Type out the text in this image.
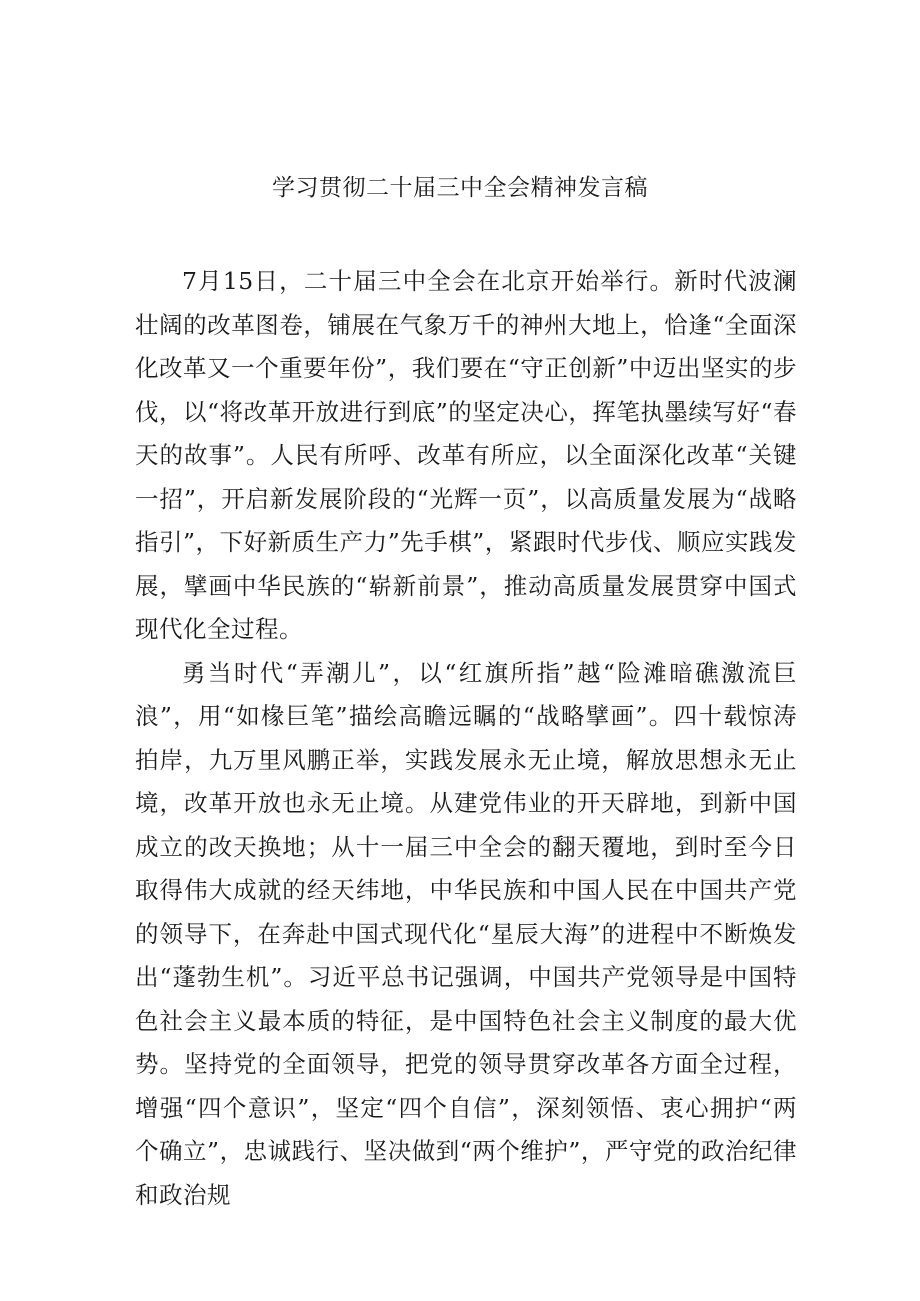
学习贯彻二十届三中全会精神发言稿

7月15日，二十届三中全会在北京开始举行。新时代波澜壮阔的改革图卷，铺展在气象万千的神州大地上，恰逢“全面深化改革又一个重要年份”，我们要在“守正创新”中迈出坚实的步伐，以“将改革开放进行到底”的坚定决心，挥笔执墨续写好“春天的故事”。人民有所呼、改革有所应，以全面深化改革“关键一招”，开启新发展阶段的“光辉一页”，以高质量发展为“战略指引”，下好新质生产力”先手棋”，紧跟时代步伐、顺应实践发展，擘画中华民族的“崭新前景”，推动高质量发展贯穿中国式现代化全过程。

勇当时代“弄潮儿”，以“红旗所指”越“险滩暗礁激流巨浪”，用“如椽巨笔”描绘高瞻远瞩的“战略擘画”。四十载惊涛拍岸，九万里风鹏正举，实践发展永无止境，解放思想永无止境，改革开放也永无止境。从建党伟业的开天辟地，到新中国成立的改天换地；从十一届三中全会的翻天覆地，到时至今日取得伟大成就的经天纬地，中华民族和中国人民在中国共产党的领导下，在奔赴中国式现代化“星辰大海”的进程中不断焕发出“蓬勃生机”。习近平总书记强调，中国共产党领导是中国特色社会主义最本质的特征，是中国特色社会主义制度的最大优势。坚持党的全面领导，把党的领导贯穿改革各方面全过程，增强“四个意识”，坚定“四个自信”，深刻领悟、衷心拥护“两个确立”，忠诚践行、坚决做到“两个维护”，严守党的政治纪律和政治规
